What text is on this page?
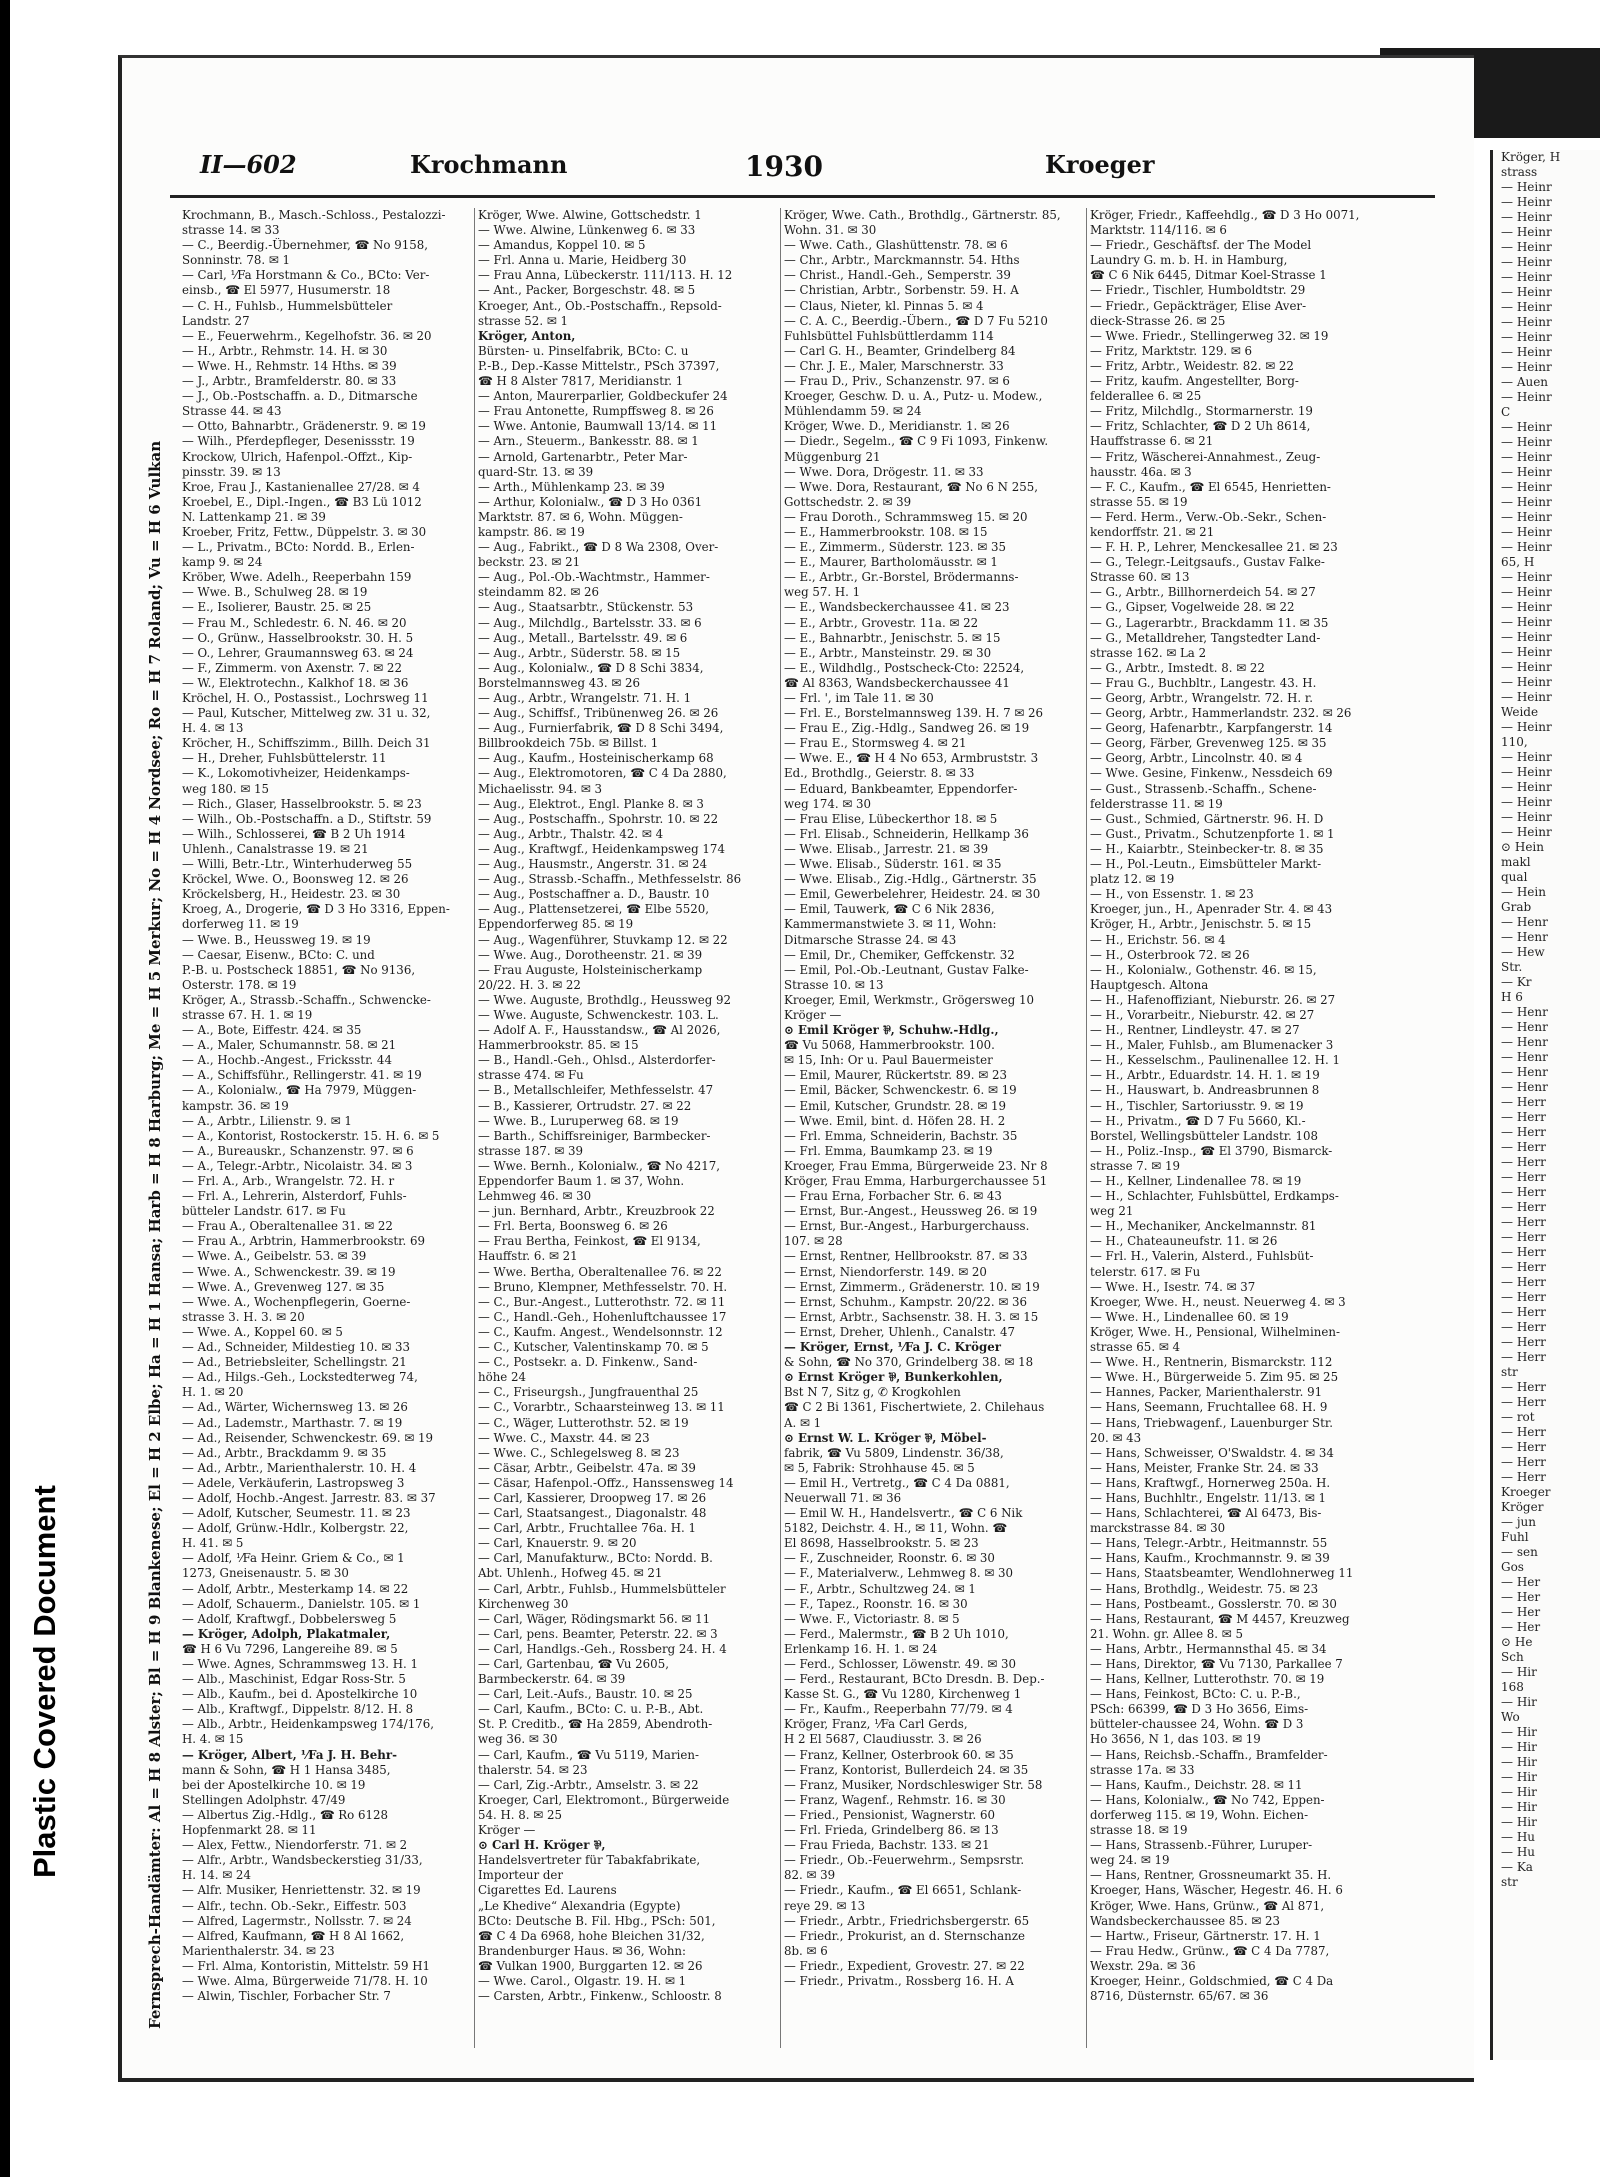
Plastic Covered Document
II—602	Krochmann	1930	Kroeger
Fernsprech-Handämter: Al = H 8 Alster; Bl = H 9 Blankenese; El = H 2 Elbe; Ha = H 1 Hansa; Harb = H 8 Harburg; Me = H 5 Merkur; No = H 4 Nordsee; Ro = H 7 Roland; Vu = H 6 Vulkan
Krochmann, B., Masch.-Schloss., Pestalozzi-
strasse 14. ✉ 33
— C., Beerdig.-Übernehmer, ☎ No 9158,
Sonninstr. 78. ✉ 1
— Carl, ⅟Fa Horstmann & Co., BCto: Ver-
einsb., ☎ El 5977, Husumerstr. 18
— C. H., Fuhlsb., Hummelsbütteler
Landstr. 27
— E., Feuerwehrm., Kegelhofstr. 36. ✉ 20
— H., Arbtr., Rehmstr. 14. H. ✉ 30
— Wwe. H., Rehmstr. 14 Hths. ✉ 39
— J., Arbtr., Bramfelderstr. 80. ✉ 33
— J., Ob.-Postschaffn. a. D., Ditmarsche
Strasse 44. ✉ 43
— Otto, Bahnarbtr., Grädenerstr. 9. ✉ 19
— Wilh., Pferdepfleger, Desenissstr. 19
Krockow, Ulrich, Hafenpol.-Offzt., Kip-
pinsstr. 39. ✉ 13
Kroe, Frau J., Kastanienallee 27/28. ✉ 4
Kroebel, E., Dipl.-Ingen., ☎ B3 Lü 1012
N. Lattenkamp 21. ✉ 39
Kroeber, Fritz, Fettw., Düppelstr. 3. ✉ 30
— L., Privatm., BCto: Nordd. B., Erlen-
kamp 9. ✉ 24
Kröber, Wwe. Adelh., Reeperbahn 159
— Wwe. B., Schulweg 28. ✉ 19
— E., Isolierer, Baustr. 25. ✉ 25
— Frau M., Schledestr. 6. N. 46. ✉ 20
— O., Grünw., Hasselbrookstr. 30. H. 5
— O., Lehrer, Graumannsweg 63. ✉ 24
— F., Zimmerm. von Axenstr. 7. ✉ 22
— W., Elektrotechn., Kalkhof 18. ✉ 36
Kröchel, H. O., Postassist., Lochrsweg 11
— Paul, Kutscher, Mittelweg zw. 31 u. 32,
H. 4. ✉ 13
Kröcher, H., Schiffszimm., Billh. Deich 31
— H., Dreher, Fuhlsbüttelerstr. 11
— K., Lokomotivheizer, Heidenkamps-
weg 180. ✉ 15
— Rich., Glaser, Hasselbrookstr. 5. ✉ 23
— Wilh., Ob.-Postschaffn. a D., Stiftstr. 59
— Wilh., Schlosserei, ☎ B 2 Uh 1914
Uhlenh., Canalstrasse 19. ✉ 21
— Willi, Betr.-Ltr., Winterhuderweg 55
Kröckel, Wwe. O., Boonsweg 12. ✉ 26
Kröckelsberg, H., Heidestr. 23. ✉ 30
Kroeg, A., Drogerie, ☎ D 3 Ho 3316, Eppen-
dorferweg 11. ✉ 19
— Wwe. B., Heussweg 19. ✉ 19
— Caesar, Eisenw., BCto: C. und
P.-B. u. Postscheck 18851, ☎ No 9136,
Osterstr. 178. ✉ 19
Kröger, A., Strassb.-Schaffn., Schwencke-
strasse 67. H. 1. ✉ 19
— A., Bote, Eiffestr. 424. ✉ 35
— A., Maler, Schumannstr. 58. ✉ 21
— A., Hochb.-Angest., Fricksstr. 44
— A., Schiffsführ., Rellingerstr. 41. ✉ 19
— A., Kolonialw., ☎ Ha 7979, Müggen-
kampstr. 36. ✉ 19
— A., Arbtr., Lilienstr. 9. ✉ 1
— A., Kontorist, Rostockerstr. 15. H. 6. ✉ 5
— A., Bureauskr., Schanzenstr. 97. ✉ 6
— A., Telegr.-Arbtr., Nicolaistr. 34. ✉ 3
— Frl. A., Arb., Wrangelstr. 72. H. r
— Frl. A., Lehrerin, Alsterdorf, Fuhls-
bütteler Landstr. 617. ✉ Fu
— Frau A., Oberaltenallee 31. ✉ 22
— Frau A., Arbtrin, Hammerbrookstr. 69
— Wwe. A., Geibelstr. 53. ✉ 39
— Wwe. A., Schwenckestr. 39. ✉ 19
— Wwe. A., Grevenweg 127. ✉ 35
— Wwe. A., Wochenpflegerin, Goerne-
strasse 3. H. 3. ✉ 20
— Wwe. A., Koppel 60. ✉ 5
— Ad., Schneider, Mildestieg 10. ✉ 33
— Ad., Betriebsleiter, Schellingstr. 21
— Ad., Hilgs.-Geh., Lockstedterweg 74,
H. 1. ✉ 20
— Ad., Wärter, Wichernsweg 13. ✉ 26
— Ad., Lademstr., Marthastr. 7. ✉ 19
— Ad., Reisender, Schwenckestr. 69. ✉ 19
— Ad., Arbtr., Brackdamm 9. ✉ 35
— Ad., Arbtr., Marienthalerstr. 10. H. 4
— Adele, Verkäuferin, Lastropsweg 3
— Adolf, Hochb.-Angest. Jarrestr. 83. ✉ 37
— Adolf, Kutscher, Seumestr. 11. ✉ 23
— Adolf, Grünw.-Hdlr., Kolbergstr. 22,
H. 41. ✉ 5
— Adolf, ⅟Fa Heinr. Griem & Co., ✉ 1
1273, Gneisenaustr. 5. ✉ 30
— Adolf, Arbtr., Mesterkamp 14. ✉ 22
— Adolf, Schauerm., Danielstr. 105. ✉ 1
— Adolf, Kraftwgf., Dobbelersweg 5
— Kröger, Adolph, Plakatmaler,
☎ H 6 Vu 7296, Langereihe 89. ✉ 5
— Wwe. Agnes, Schrammsweg 13. H. 1
— Alb., Maschinist, Edgar Ross-Str. 5
— Alb., Kaufm., bei d. Apostelkirche 10
— Alb., Kraftwgf., Dippelstr. 8/12. H. 8
— Alb., Arbtr., Heidenkampsweg 174/176,
H. 4. ✉ 15
— Kröger, Albert, ⅟Fa J. H. Behr-
mann & Sohn, ☎ H 1 Hansa 3485,
bei der Apostelkirche 10. ✉ 19
Stellingen Adolphstr. 47/49
— Albertus Zig.-Hdlg., ☎ Ro 6128
Hopfenmarkt 28. ✉ 11
— Alex, Fettw., Niendorferstr. 71. ✉ 2
— Alfr., Arbtr., Wandsbeckerstieg 31/33,
H. 14. ✉ 24
— Alfr. Musiker, Henriettenstr. 32. ✉ 19
— Alfr., techn. Ob.-Sekr., Eiffestr. 503
— Alfred, Lagermstr., Nollsstr. 7. ✉ 24
— Alfred, Kaufmann, ☎ H 8 Al 1662,
Marienthalerstr. 34. ✉ 23
— Frl. Alma, Kontoristin, Mittelstr. 59 H1
— Wwe. Alma, Bürgerweide 71/78. H. 10
— Alwin, Tischler, Forbacher Str. 7
Kröger, Wwe. Alwine, Gottschedstr. 1
— Wwe. Alwine, Lünkenweg 6. ✉ 33
— Amandus, Koppel 10. ✉ 5
— Frl. Anna u. Marie, Heidberg 30
— Frau Anna, Lübeckerstr. 111/113. H. 12
— Ant., Packer, Borgeschstr. 48. ✉ 5
Kroeger, Ant., Ob.-Postschaffn., Repsold-
strasse 52. ✉ 1
Kröger, Anton,
Bürsten- u. Pinselfabrik, BCto: C. u
P.-B., Dep.-Kasse Mittelstr., PSch 37397,
☎ H 8 Alster 7817, Meridianstr. 1
— Anton, Maurerparlier, Goldbeckufer 24
— Frau Antonette, Rumpffsweg 8. ✉ 26
— Wwe. Antonie, Baumwall 13/14. ✉ 11
— Arn., Steuerm., Bankesstr. 88. ✉ 1
— Arnold, Gartenarbtr., Peter Mar-
quard-Str. 13. ✉ 39
— Arth., Mühlenkamp 23. ✉ 39
— Arthur, Kolonialw., ☎ D 3 Ho 0361
Marktstr. 87. ✉ 6, Wohn. Müggen-
kampstr. 86. ✉ 19
— Aug., Fabrikt., ☎ D 8 Wa 2308, Over-
beckstr. 23. ✉ 21
— Aug., Pol.-Ob.-Wachtmstr., Hammer-
steindamm 82. ✉ 26
— Aug., Staatsarbtr., Stückenstr. 53
— Aug., Milchdlg., Bartelsstr. 33. ✉ 6
— Aug., Metall., Bartelsstr. 49. ✉ 6
— Aug., Arbtr., Süderstr. 58. ✉ 15
— Aug., Kolonialw., ☎ D 8 Schi 3834,
Borstelmannsweg 43. ✉ 26
— Aug., Arbtr., Wrangelstr. 71. H. 1
— Aug., Schiffsf., Tribünenweg 26. ✉ 26
— Aug., Furnierfabrik, ☎ D 8 Schi 3494,
Billbrookdeich 75b. ✉ Billst. 1
— Aug., Kaufm., Hosteinischerkamp 68
— Aug., Elektromotoren, ☎ C 4 Da 2880,
Michaelisstr. 94. ✉ 3
— Aug., Elektrot., Engl. Planke 8. ✉ 3
— Aug., Postschaffn., Spohrstr. 10. ✉ 22
— Aug., Arbtr., Thalstr. 42. ✉ 4
— Aug., Kraftwgf., Heidenkampsweg 174
— Aug., Hausmstr., Angerstr. 31. ✉ 24
— Aug., Strassb.-Schaffn., Methfesselstr. 86
— Aug., Postschaffner a. D., Baustr. 10
— Aug., Plattensetzerei, ☎ Elbe 5520,
Eppendorferweg 85. ✉ 19
— Aug., Wagenführer, Stuvkamp 12. ✉ 22
— Wwe. Aug., Dorotheenstr. 21. ✉ 39
— Frau Auguste, Holsteinischerkamp
20/22. H. 3. ✉ 22
— Wwe. Auguste, Brothdlg., Heussweg 92
— Wwe. Auguste, Schwenckestr. 103. L.
— Adolf A. F., Hausstandsw., ☎ Al 2026,
Hammerbrookstr. 85. ✉ 15
— B., Handl.-Geh., Ohlsd., Alsterdorfer-
strasse 474. ✉ Fu
— B., Metallschleifer, Methfesselstr. 47
— B., Kassierer, Ortrudstr. 27. ✉ 22
— Wwe. B., Luruperweg 68. ✉ 19
— Barth., Schiffsreiniger, Barmbecker-
strasse 187. ✉ 39
— Wwe. Bernh., Kolonialw., ☎ No 4217,
Eppendorfer Baum 1. ✉ 37, Wohn.
Lehmweg 46. ✉ 30
— jun. Bernhard, Arbtr., Kreuzbrook 22
— Frl. Berta, Boonsweg 6. ✉ 26
— Frau Bertha, Feinkost, ☎ El 9134,
Hauffstr. 6. ✉ 21
— Wwe. Bertha, Oberaltenallee 76. ✉ 22
— Bruno, Klempner, Methfesselstr. 70. H.
— C., Bur.-Angest., Lutterothstr. 72. ✉ 11
— C., Handl.-Geh., Hohenluftchaussee 17
— C., Kaufm. Angest., Wendelsonnstr. 12
— C., Kutscher, Valentinskamp 70. ✉ 5
— C., Postsekr. a. D. Finkenw., Sand-
höhe 24
— C., Friseurgsh., Jungfrauenthal 25
— C., Vorarbtr., Schaarsteinweg 13. ✉ 11
— C., Wäger, Lutterothstr. 52. ✉ 19
— Wwe. C., Maxstr. 44. ✉ 23
— Wwe. C., Schlegelsweg 8. ✉ 23
— Cäsar, Arbtr., Geibelstr. 47a. ✉ 39
— Cäsar, Hafenpol.-Offz., Hanssensweg 14
— Carl, Kassierer, Droopweg 17. ✉ 26
— Carl, Staatsangest., Diagonalstr. 48
— Carl, Arbtr., Fruchtallee 76a. H. 1
— Carl, Knauerstr. 9. ✉ 20
— Carl, Manufakturw., BCto: Nordd. B.
Abt. Uhlenh., Hofweg 45. ✉ 21
— Carl, Arbtr., Fuhlsb., Hummelsbütteler
Kirchenweg 30
— Carl, Wäger, Rödingsmarkt 56. ✉ 11
— Carl, pens. Beamter, Peterstr. 22. ✉ 3
— Carl, Handlgs.-Geh., Rossberg 24. H. 4
— Carl, Gartenbau, ☎ Vu 2605,
Barmbeckerstr. 64. ✉ 39
— Carl, Leit.-Aufs., Baustr. 10. ✉ 25
— Carl, Kaufm., BCto: C. u. P.-B., Abt.
St. P. Creditb., ☎ Ha 2859, Abendroth-
weg 36. ✉ 30
— Carl, Kaufm., ☎ Vu 5119, Marien-
thalerstr. 54. ✉ 23
— Carl, Zig.-Arbtr., Amselstr. 3. ✉ 22
Kroeger, Carl, Elektromont., Bürgerweide
54. H. 8. ✉ 25
Kröger —
⊙ Carl H. Kröger ⅌,
Handelsvertreter für Tabakfabrikate,
Importeur der
Cigarettes Ed. Laurens
„Le Khedive“ Alexandria (Egypte)
BCto: Deutsche B. Fil. Hbg., PSch: 501,
☎ C 4 Da 6968, hohe Bleichen 31/32,
Brandenburger Haus. ✉ 36, Wohn:
☎ Vulkan 1900, Burggarten 12. ✉ 26
— Wwe. Carol., Olgastr. 19. H. ✉ 1
— Carsten, Arbtr., Finkenw., Schloostr. 8
Kröger, Wwe. Cath., Brothdlg., Gärtnerstr. 85,
Wohn. 31. ✉ 30
— Wwe. Cath., Glashüttenstr. 78. ✉ 6
— Chr., Arbtr., Marckmannstr. 54. Hths
— Christ., Handl.-Geh., Semperstr. 39
— Christian, Arbtr., Sorbenstr. 59. H. A
— Claus, Nieter, kl. Pinnas 5. ✉ 4
— C. A. C., Beerdig.-Übern., ☎ D 7 Fu 5210
Fuhlsbüttel Fuhlsbüttlerdamm 114
— Carl G. H., Beamter, Grindelberg 84
— Chr. J. E., Maler, Marschnerstr. 33
— Frau D., Priv., Schanzenstr. 97. ✉ 6
Kroeger, Geschw. D. u. A., Putz- u. Modew.,
Mühlendamm 59. ✉ 24
Kröger, Wwe. D., Meridianstr. 1. ✉ 26
— Diedr., Segelm., ☎ C 9 Fi 1093, Finkenw.
Müggenburg 21
— Wwe. Dora, Drögestr. 11. ✉ 33
— Wwe. Dora, Restaurant, ☎ No 6 N 255,
Gottschedstr. 2. ✉ 39
— Frau Doroth., Schrammsweg 15. ✉ 20
— E., Hammerbrookstr. 108. ✉ 15
— E., Zimmerm., Süderstr. 123. ✉ 35
— E., Maurer, Bartholomäusstr. ✉ 1
— E., Arbtr., Gr.-Borstel, Brödermanns-
weg 57. H. 1
— E., Wandsbeckerchaussee 41. ✉ 23
— E., Arbtr., Grovestr. 11a. ✉ 22
— E., Bahnarbtr., Jenischstr. 5. ✉ 15
— E., Arbtr., Mansteinstr. 29. ✉ 30
— E., Wildhdlg., Postscheck-Cto: 22524,
☎ Al 8363, Wandsbeckerchaussee 41
— Frl. ', im Tale 11. ✉ 30
— Frl. E., Borstelmannsweg 139. H. 7 ✉ 26
— Frau E., Zig.-Hdlg., Sandweg 26. ✉ 19
— Frau E., Stormsweg 4. ✉ 21
— Wwe. E., ☎ H 4 No 653, Armbruststr. 3
Ed., Brothdlg., Geierstr. 8. ✉ 33
— Eduard, Bankbeamter, Eppendorfer-
weg 174. ✉ 30
— Frau Elise, Lübeckerthor 18. ✉ 5
— Frl. Elisab., Schneiderin, Hellkamp 36
— Wwe. Elisab., Jarrestr. 21. ✉ 39
— Wwe. Elisab., Süderstr. 161. ✉ 35
— Wwe. Elisab., Zig.-Hdlg., Gärtnerstr. 35
— Emil, Gewerbelehrer, Heidestr. 24. ✉ 30
— Emil, Tauwerk, ☎ C 6 Nik 2836,
Kammermanstwiete 3. ✉ 11, Wohn:
Ditmarsche Strasse 24. ✉ 43
— Emil, Dr., Chemiker, Geffckenstr. 32
— Emil, Pol.-Ob.-Leutnant, Gustav Falke-
Strasse 10. ✉ 13
Kroeger, Emil, Werkmstr., Grögersweg 10
Kröger —
⊙ Emil Kröger ⅌, Schuhw.-Hdlg.,
☎ Vu 5068, Hammerbrookstr. 100.
✉ 15, Inh: Or u. Paul Bauermeister
— Emil, Maurer, Rückertstr. 89. ✉ 23
— Emil, Bäcker, Schwenckestr. 6. ✉ 19
— Emil, Kutscher, Grundstr. 28. ✉ 19
— Wwe. Emil, bint. d. Höfen 28. H. 2
— Frl. Emma, Schneiderin, Bachstr. 35
— Frl. Emma, Baumkamp 23. ✉ 19
Kroeger, Frau Emma, Bürgerweide 23. Nr 8
Kröger, Frau Emma, Harburgerchaussee 51
— Frau Erna, Forbacher Str. 6. ✉ 43
— Ernst, Bur.-Angest., Heussweg 26. ✉ 19
— Ernst, Bur.-Angest., Harburgerchauss.
107. ✉ 28
— Ernst, Rentner, Hellbrookstr. 87. ✉ 33
— Ernst, Niendorferstr. 149. ✉ 20
— Ernst, Zimmerm., Grädenerstr. 10. ✉ 19
— Ernst, Schuhm., Kampstr. 20/22. ✉ 36
— Ernst, Arbtr., Sachsenstr. 38. H. 3. ✉ 15
— Ernst, Dreher, Uhlenh., Canalstr. 47
— Kröger, Ernst, ⅟Fa J. C. Kröger
& Sohn, ☎ No 370, Grindelberg 38. ✉ 18
⊙ Ernst Kröger ⅌, Bunkerkohlen,
Bst N 7, Sitz g, ✆ Krogkohlen
☎ C 2 Bi 1361, Fischertwiete, 2. Chilehaus
A. ✉ 1
⊙ Ernst W. L. Kröger ⅌, Möbel-
fabrik, ☎ Vu 5809, Lindenstr. 36/38,
✉ 5, Fabrik: Strohhause 45. ✉ 5
— Emil H., Vertretg., ☎ C 4 Da 0881,
Neuerwall 71. ✉ 36
— Emil W. H., Handelsvertr., ☎ C 6 Nik
5182, Deichstr. 4. H., ✉ 11, Wohn. ☎
El 8698, Hasselbrookstr. 5. ✉ 23
— F., Zuschneider, Roonstr. 6. ✉ 30
— F., Materialverw., Lehmweg 8. ✉ 30
— F., Arbtr., Schultzweg 24. ✉ 1
— F., Tapez., Roonstr. 16. ✉ 30
— Wwe. F., Victoriastr. 8. ✉ 5
— Ferd., Malermstr., ☎ B 2 Uh 1010,
Erlenkamp 16. H. 1. ✉ 24
— Ferd., Schlosser, Löwenstr. 49. ✉ 30
— Ferd., Restaurant, BCto Dresdn. B. Dep.-
Kasse St. G., ☎ Vu 1280, Kirchenweg 1
— Fr., Kaufm., Reeperbahn 77/79. ✉ 4
Kröger, Franz, ⅟Fa Carl Gerds,
H 2 El 5687, Claudiusstr. 3. ✉ 26
— Franz, Kellner, Osterbrook 60. ✉ 35
— Franz, Kontorist, Bullerdeich 24. ✉ 35
— Franz, Musiker, Nordschleswiger Str. 58
— Franz, Wagenf., Rehmstr. 16. ✉ 30
— Fried., Pensionist, Wagnerstr. 60
— Frl. Frieda, Grindelberg 86. ✉ 13
— Frau Frieda, Bachstr. 133. ✉ 21
— Friedr., Ob.-Feuerwehrm., Sempsrstr.
82. ✉ 39
— Friedr., Kaufm., ☎ El 6651, Schlank-
reye 29. ✉ 13
— Friedr., Arbtr., Friedrichsbergerstr. 65
— Friedr., Prokurist, an d. Sternschanze
8b. ✉ 6
— Friedr., Expedient, Grovestr. 27. ✉ 22
— Friedr., Privatm., Rossberg 16. H. A
Kröger, Friedr., Kaffeehdlg., ☎ D 3 Ho 0071,
Marktstr. 114/116. ✉ 6
— Friedr., Geschäftsf. der The Model
Laundry G. m. b. H. in Hamburg,
☎ C 6 Nik 6445, Ditmar Koel-Strasse 1
— Friedr., Tischler, Humboldtstr. 29
— Friedr., Gepäckträger, Elise Aver-
dieck-Strasse 26. ✉ 25
— Wwe. Friedr., Stellingerweg 32. ✉ 19
— Fritz, Marktstr. 129. ✉ 6
— Fritz, Arbtr., Weidestr. 82. ✉ 22
— Fritz, kaufm. Angestellter, Borg-
felderallee 6. ✉ 25
— Fritz, Milchdlg., Stormarnerstr. 19
— Fritz, Schlachter, ☎ D 2 Uh 8614,
Hauffstrasse 6. ✉ 21
— Fritz, Wäscherei-Annahmest., Zeug-
hausstr. 46a. ✉ 3
— F. C., Kaufm., ☎ El 6545, Henrietten-
strasse 55. ✉ 19
— Ferd. Herm., Verw.-Ob.-Sekr., Schen-
kendorffstr. 21. ✉ 21
— F. H. P., Lehrer, Menckesallee 21. ✉ 23
— G., Telegr.-Leitgsaufs., Gustav Falke-
Strasse 60. ✉ 13
— G., Arbtr., Billhornerdeich 54. ✉ 27
— G., Gipser, Vogelweide 28. ✉ 22
— G., Lagerarbtr., Brackdamm 11. ✉ 35
— G., Metalldreher, Tangstedter Land-
strasse 162. ✉ La 2
— G., Arbtr., Imstedt. 8. ✉ 22
— Frau G., Buchbltr., Langestr. 43. H.
— Georg, Arbtr., Wrangelstr. 72. H. r.
— Georg, Arbtr., Hammerlandstr. 232. ✉ 26
— Georg, Hafenarbtr., Karpfangerstr. 14
— Georg, Färber, Grevenweg 125. ✉ 35
— Georg, Arbtr., Lincolnstr. 40. ✉ 4
— Wwe. Gesine, Finkenw., Nessdeich 69
— Gust., Strassenb.-Schaffn., Schene-
felderstrasse 11. ✉ 19
— Gust., Schmied, Gärtnerstr. 96. H. D
— Gust., Privatm., Schutzenpforte 1. ✉ 1
— H., Kaiarbtr., Steinbecker-tr. 8. ✉ 35
— H., Pol.-Leutn., Eimsbütteler Markt-
platz 12. ✉ 19
— H., von Essenstr. 1. ✉ 23
Kroeger, jun., H., Apenrader Str. 4. ✉ 43
Kröger, H., Arbtr., Jenischstr. 5. ✉ 15
— H., Erichstr. 56. ✉ 4
— H., Osterbrook 72. ✉ 26
— H., Kolonialw., Gothenstr. 46. ✉ 15,
Hauptgesch. Altona
— H., Hafenoffiziant, Nieburstr. 26. ✉ 27
— H., Vorarbeitr., Nieburstr. 42. ✉ 27
— H., Rentner, Lindleystr. 47. ✉ 27
— H., Maler, Fuhlsb., am Blumenacker 3
— H., Kesselschm., Paulinenallee 12. H. 1
— H., Arbtr., Eduardstr. 14. H. 1. ✉ 19
— H., Hauswart, b. Andreasbrunnen 8
— H., Tischler, Sartoriusstr. 9. ✉ 19
— H., Privatm., ☎ D 7 Fu 5660, Kl.-
Borstel, Wellingsbütteler Landstr. 108
— H., Poliz.-Insp., ☎ El 3790, Bismarck-
strasse 7. ✉ 19
— H., Kellner, Lindenallee 78. ✉ 19
— H., Schlachter, Fuhlsbüttel, Erdkamps-
weg 21
— H., Mechaniker, Anckelmannstr. 81
— H., Chateauneufstr. 11. ✉ 26
— Frl. H., Valerin, Alsterd., Fuhlsbüt-
telerstr. 617. ✉ Fu
— Wwe. H., Isestr. 74. ✉ 37
Kroeger, Wwe. H., neust. Neuerweg 4. ✉ 3
— Wwe. H., Lindenallee 60. ✉ 19
Kröger, Wwe. H., Pensional, Wilhelminen-
strasse 65. ✉ 4
— Wwe. H., Rentnerin, Bismarckstr. 112
— Wwe. H., Bürgerweide 5. Zim 95. ✉ 25
— Hannes, Packer, Marienthalerstr. 91
— Hans, Seemann, Fruchtallee 68. H. 9
— Hans, Triebwagenf., Lauenburger Str.
20. ✉ 43
— Hans, Schweisser, O'Swaldstr. 4. ✉ 34
— Hans, Meister, Franke Str. 24. ✉ 33
— Hans, Kraftwgf., Hornerweg 250a. H.
— Hans, Buchhltr., Engelstr. 11/13. ✉ 1
— Hans, Schlachterei, ☎ Al 6473, Bis-
marckstrasse 84. ✉ 30
— Hans, Telegr.-Arbtr., Heitmannstr. 55
— Hans, Kaufm., Krochmannstr. 9. ✉ 39
— Hans, Staatsbeamter, Wendlohnerweg 11
— Hans, Brothdlg., Weidestr. 75. ✉ 23
— Hans, Postbeamt., Gosslerstr. 70. ✉ 30
— Hans, Restaurant, ☎ M 4457, Kreuzweg
21. Wohn. gr. Allee 8. ✉ 5
— Hans, Arbtr., Hermannsthal 45. ✉ 34
— Hans, Direktor, ☎ Vu 7130, Parkallee 7
— Hans, Kellner, Lutterothstr. 70. ✉ 19
— Hans, Feinkost, BCto: C. u. P.-B.,
PSch: 66399, ☎ D 3 Ho 3656, Eims-
bütteler-chaussee 24, Wohn. ☎ D 3
Ho 3656, N 1, das 103. ✉ 19
— Hans, Reichsb.-Schaffn., Bramfelder-
strasse 17a. ✉ 33
— Hans, Kaufm., Deichstr. 28. ✉ 11
— Hans, Kolonialw., ☎ No 742, Eppen-
dorferweg 115. ✉ 19, Wohn. Eichen-
strasse 18. ✉ 19
— Hans, Strassenb.-Führer, Luruper-
weg 24. ✉ 19
— Hans, Rentner, Grossneumarkt 35. H.
Kroeger, Hans, Wäscher, Hegestr. 46. H. 6
Kröger, Wwe. Hans, Grünw., ☎ Al 871,
Wandsbeckerchaussee 85. ✉ 23
— Hartw., Friseur, Gärtnerstr. 17. H. 1
— Frau Hedw., Grünw., ☎ C 4 Da 7787,
Wexstr. 29a. ✉ 36
Kroeger, Heinr., Goldschmied, ☎ C 4 Da
8716, Düsternstr. 65/67. ✉ 36
Kröger, H
strass
— Heinr
— Heinr
— Heinr
— Heinr
— Heinr
— Heinr
— Heinr
— Heinr
— Heinr
— Heinr
— Heinr
— Heinr
— Heinr
— Auen
— Heinr
C
— Heinr
— Heinr
— Heinr
— Heinr
— Heinr
— Heinr
— Heinr
— Heinr
— Heinr
65, H
— Heinr
— Heinr
— Heinr
— Heinr
— Heinr
— Heinr
— Heinr
— Heinr
— Heinr
Weide
— Heinr
110,
— Heinr
— Heinr
— Heinr
— Heinr
— Heinr
— Heinr
⊙ Hein
makl
qual
— Hein
Grab
— Henr
— Henr
— Hew
Str.
— Kr
H 6
— Henr
— Henr
— Henr
— Henr
— Henr
— Henr
— Herr
— Herr
— Herr
— Herr
— Herr
— Herr
— Herr
— Herr
— Herr
— Herr
— Herr
— Herr
— Herr
— Herr
— Herr
— Herr
— Herr
— Herr
str
— Herr
— Herr
— rot
— Herr
— Herr
— Herr
— Herr
Kroeger
Kröger
— jun
Fuhl
— sen
Gos
— Her
— Her
— Her
— Her
⊙ He
Sch
— Hir
168
— Hir
Wo
— Hir
— Hir
— Hir
— Hir
— Hir
— Hir
— Hir
— Hu
— Hu
— Ka
str
